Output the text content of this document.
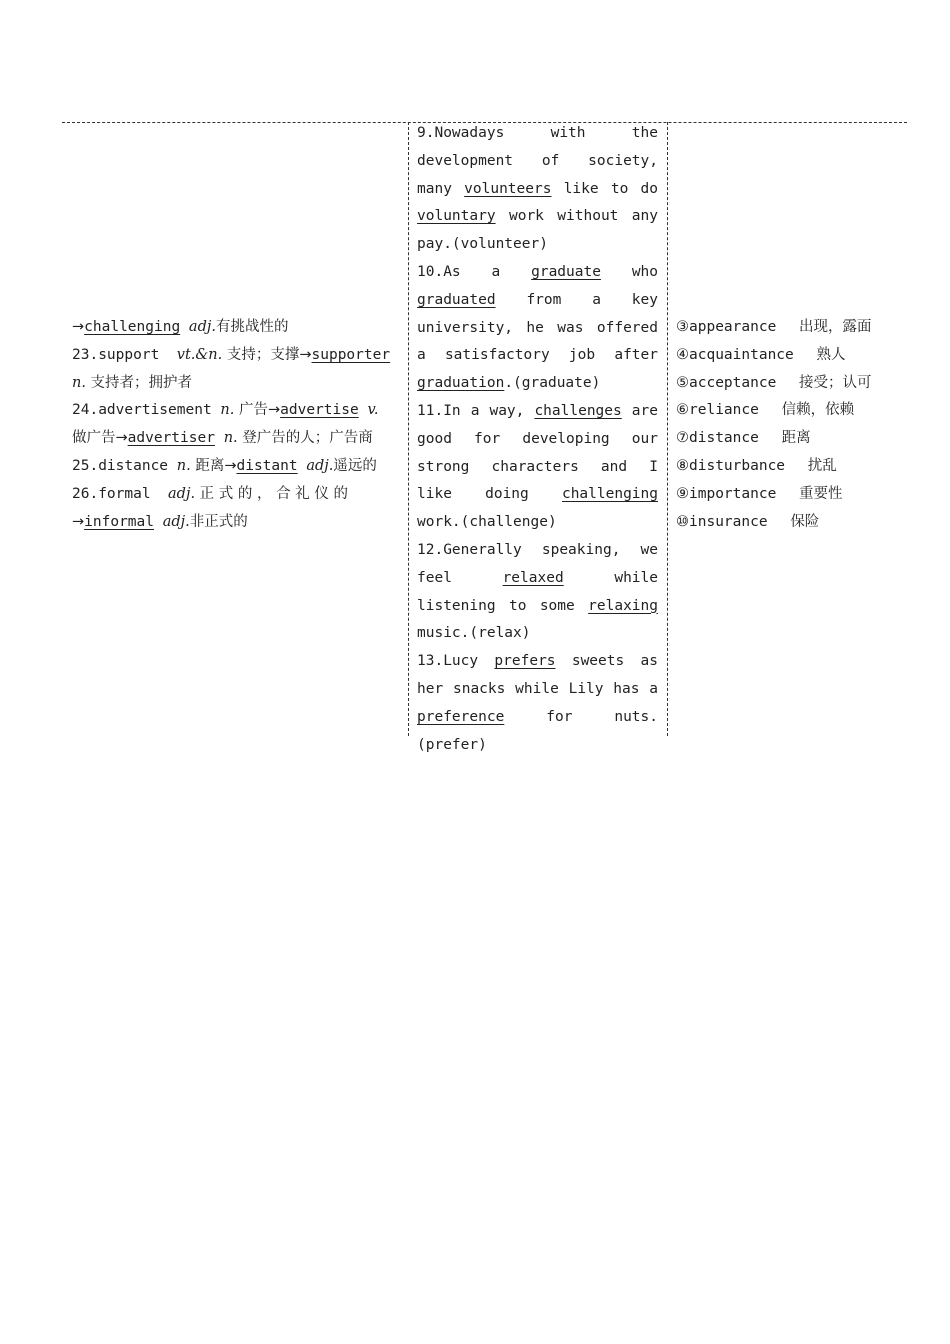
→challenging adj.有挑战性的

23.support  vt.&n. 支持；支撑→supporter

n. 支持者；拥护者

24.advertisement n. 广告→advertise v.

做广告→advertiser n. 登广告的人；广告商

25.distance n. 距离→distant adj.遥远的

26.formal  adj. 正 式 的 ， 合 礼 仪 的

→informal adj.非正式的

9.Nowadays with the development of society, many volunteers like to do voluntary work without any pay.(volunteer)

10.As a graduate who graduated from a key university, he was offered a satisfactory job after graduation.(graduate)

11.In a way, challenges are good for developing our strong characters and I like doing challenging work.(challenge)

12.Generally speaking, we feel relaxed while listening to some relaxing music.(relax)

13.Lucy prefers sweets as her snacks while Lily has a preference for nuts.(prefer)

③appearance 出现，露面

④acquaintance 熟人

⑤acceptance 接受；认可

⑥reliance 信赖，依赖

⑦distance 距离

⑧disturbance 扰乱

⑨importance 重要性

⑩insurance 保险
